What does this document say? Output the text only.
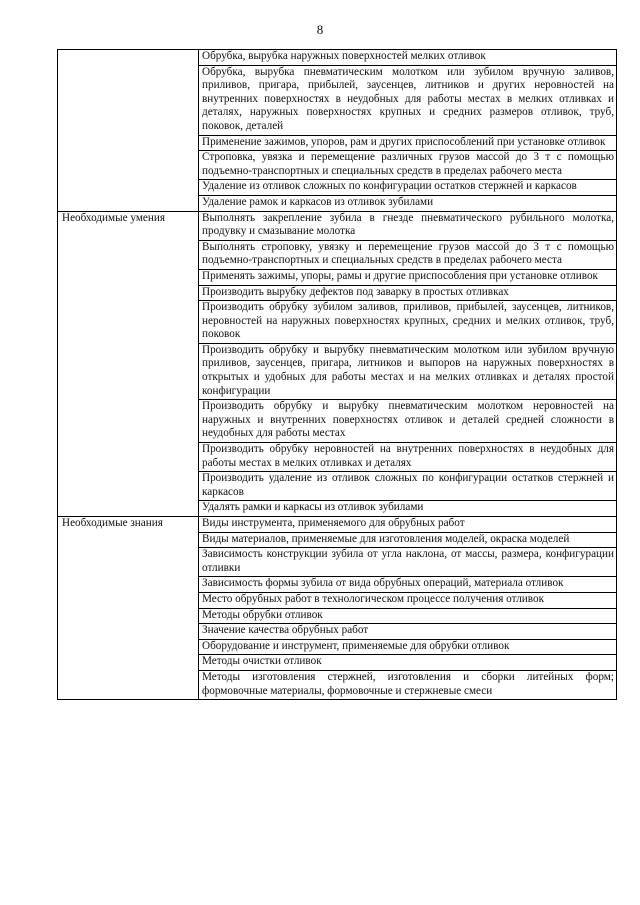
8
	Обрубка, вырубка наружных поверхностей мелких отливок
	Обрубка, вырубка пневматическим молотком или зубилом вручную заливов, приливов, пригара, прибылей, заусенцев, литников и других неровностей на внутренних поверхностях в неудобных для работы местах в мелких отливках и деталях, наружных поверхностях крупных и средних размеров отливок, труб, поковок, деталей
	Применение зажимов, упоров, рам и других приспособлений при установке отливок
	Строповка, увязка и перемещение различных грузов массой до 3 т с помощью подъемно-транспортных и специальных средств в пределах рабочего места
	Удаление из отливок сложных по конфигурации остатков стержней и каркасов
	Удаление рамок и каркасов из отливок зубилами
Необходимые умения	Выполнять закрепление зубила в гнезде пневматического рубильного молотка, продувку и смазывание молотка
	Выполнять строповку, увязку и перемещение грузов массой до 3 т с помощью подъемно-транспортных и специальных средств в пределах рабочего места
	Применять зажимы, упоры, рамы и другие приспособления при установке отливок
	Производить вырубку дефектов под заварку в простых отливках
	Производить обрубку зубилом заливов, приливов, прибылей, заусенцев, литников, неровностей на наружных поверхностях крупных, средних и мелких отливок, труб, поковок
	Производить обрубку и вырубку пневматическим молотком или зубилом вручную приливов, заусенцев, пригара, литников и выпоров на наружных поверхностях в открытых и удобных для работы местах и на мелких отливках и деталях простой конфигурации
	Производить обрубку и вырубку пневматическим молотком неровностей на наружных и внутренних поверхностях отливок и деталей средней сложности в неудобных для работы местах
	Производить обрубку неровностей на внутренних поверхностях в неудобных для работы местах в мелких отливках и деталях
	Производить удаление из отливок сложных по конфигурации остатков стержней и каркасов
	Удалять рамки и каркасы из отливок зубилами
Необходимые знания	Виды инструмента, применяемого для обрубных работ
	Виды материалов, применяемые для изготовления моделей, окраска моделей
	Зависимость конструкции зубила от угла наклона, от массы, размера, конфигурации отливки
	Зависимость формы зубила от вида обрубных операций, материала отливок
	Место обрубных работ в технологическом процессе получения отливок
	Методы обрубки отливок
	Значение качества обрубных работ
	Оборудование и инструмент, применяемые для обрубки отливок
	Методы очистки отливок
	Методы изготовления стержней, изготовления и сборки литейных форм; формовочные материалы, формовочные и стержневые смеси
